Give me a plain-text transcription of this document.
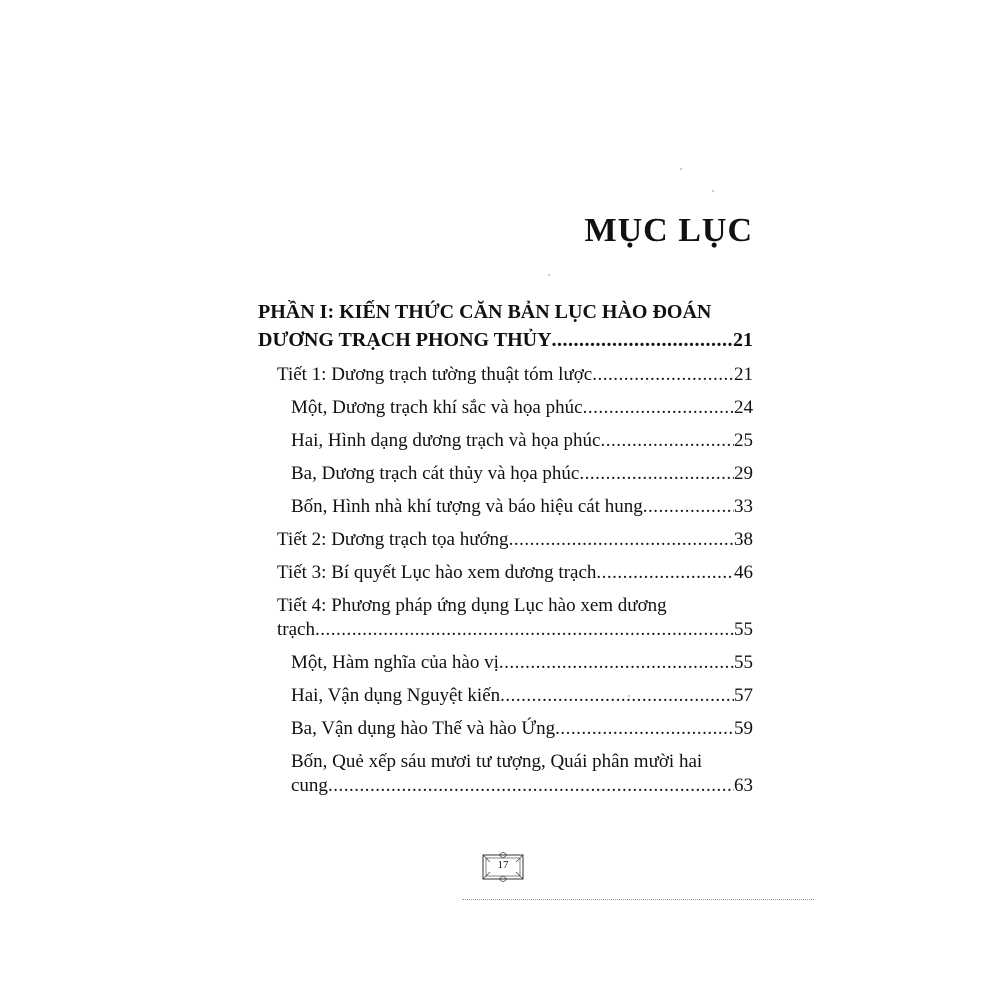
MỤC LỤC
PHẦN I: KIẾN THỨC CĂN BẢN LỤC HÀO ĐOÁN
DƯƠNG TRẠCH PHONG THỦY .....	21
Tiết 1: Dương trạch tường thuật tóm lược .....	21
Một, Dương trạch khí sắc và họa phúc .....	24
Hai, Hình dạng dương trạch và họa phúc .....	25
Ba, Dương trạch cát thủy và họa phúc .....	29
Bốn, Hình nhà khí tượng và báo hiệu cát hung .....	33
Tiết 2: Dương trạch tọa hướng .....	38
Tiết 3: Bí quyết Lục hào xem dương trạch .....	46
Tiết 4: Phương pháp ứng dụng Lục hào xem dương
trạch .....	55
Một, Hàm nghĩa của hào vị .....	55
Hai, Vận dụng Nguyệt kiến .....	57
Ba, Vận dụng hào Thế và hào Ứng .....	59
Bốn, Quẻ xếp sáu mươi tư tượng, Quái phân mười hai
cung .....	63
17
